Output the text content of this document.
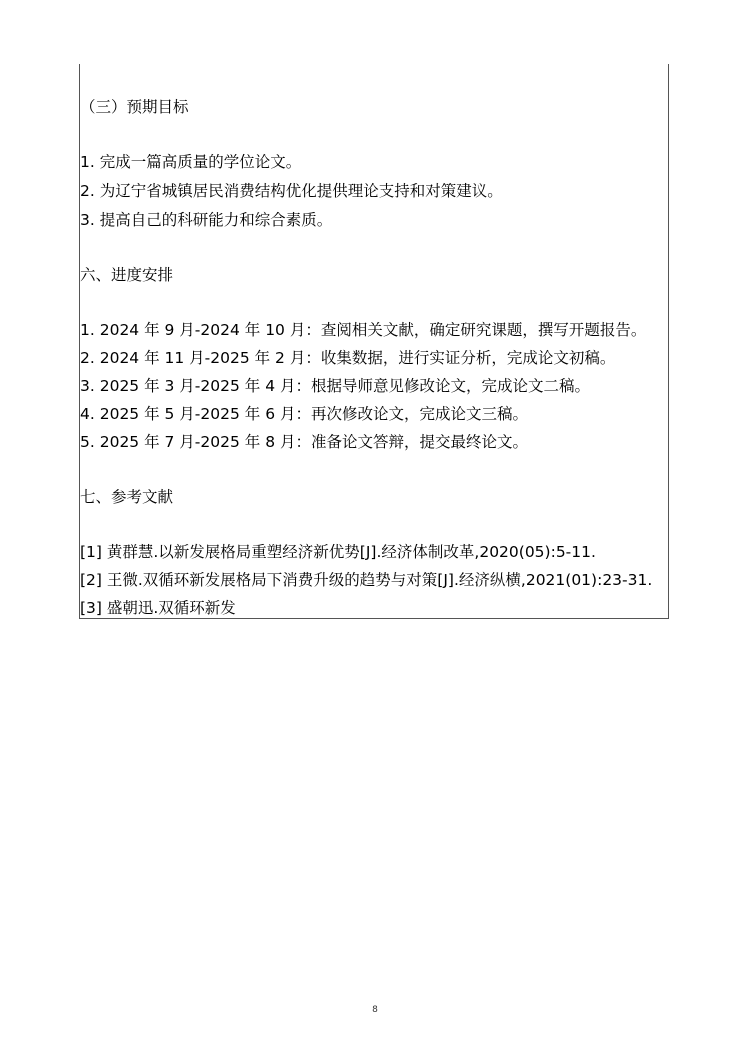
（三）预期目标
1. 完成一篇高质量的学位论文。
2. 为辽宁省城镇居民消费结构优化提供理论支持和对策建议。
3. 提高自己的科研能力和综合素质。
六、进度安排
1. 2024 年 9 月-2024 年 10 月：查阅相关文献，确定研究课题，撰写开题报告。
2. 2024 年 11 月-2025 年 2 月：收集数据，进行实证分析，完成论文初稿。
3. 2025 年 3 月-2025 年 4 月：根据导师意见修改论文，完成论文二稿。
4. 2025 年 5 月-2025 年 6 月：再次修改论文，完成论文三稿。
5. 2025 年 7 月-2025 年 8 月：准备论文答辩，提交最终论文。
七、参考文献
[1] 黄群慧.以新发展格局重塑经济新优势[J].经济体制改革,2020(05):5-11.
[2] 王微.双循环新发展格局下消费升级的趋势与对策[J].经济纵横,2021(01):23-31.
[3] 盛朝迅.双循环新发
8
